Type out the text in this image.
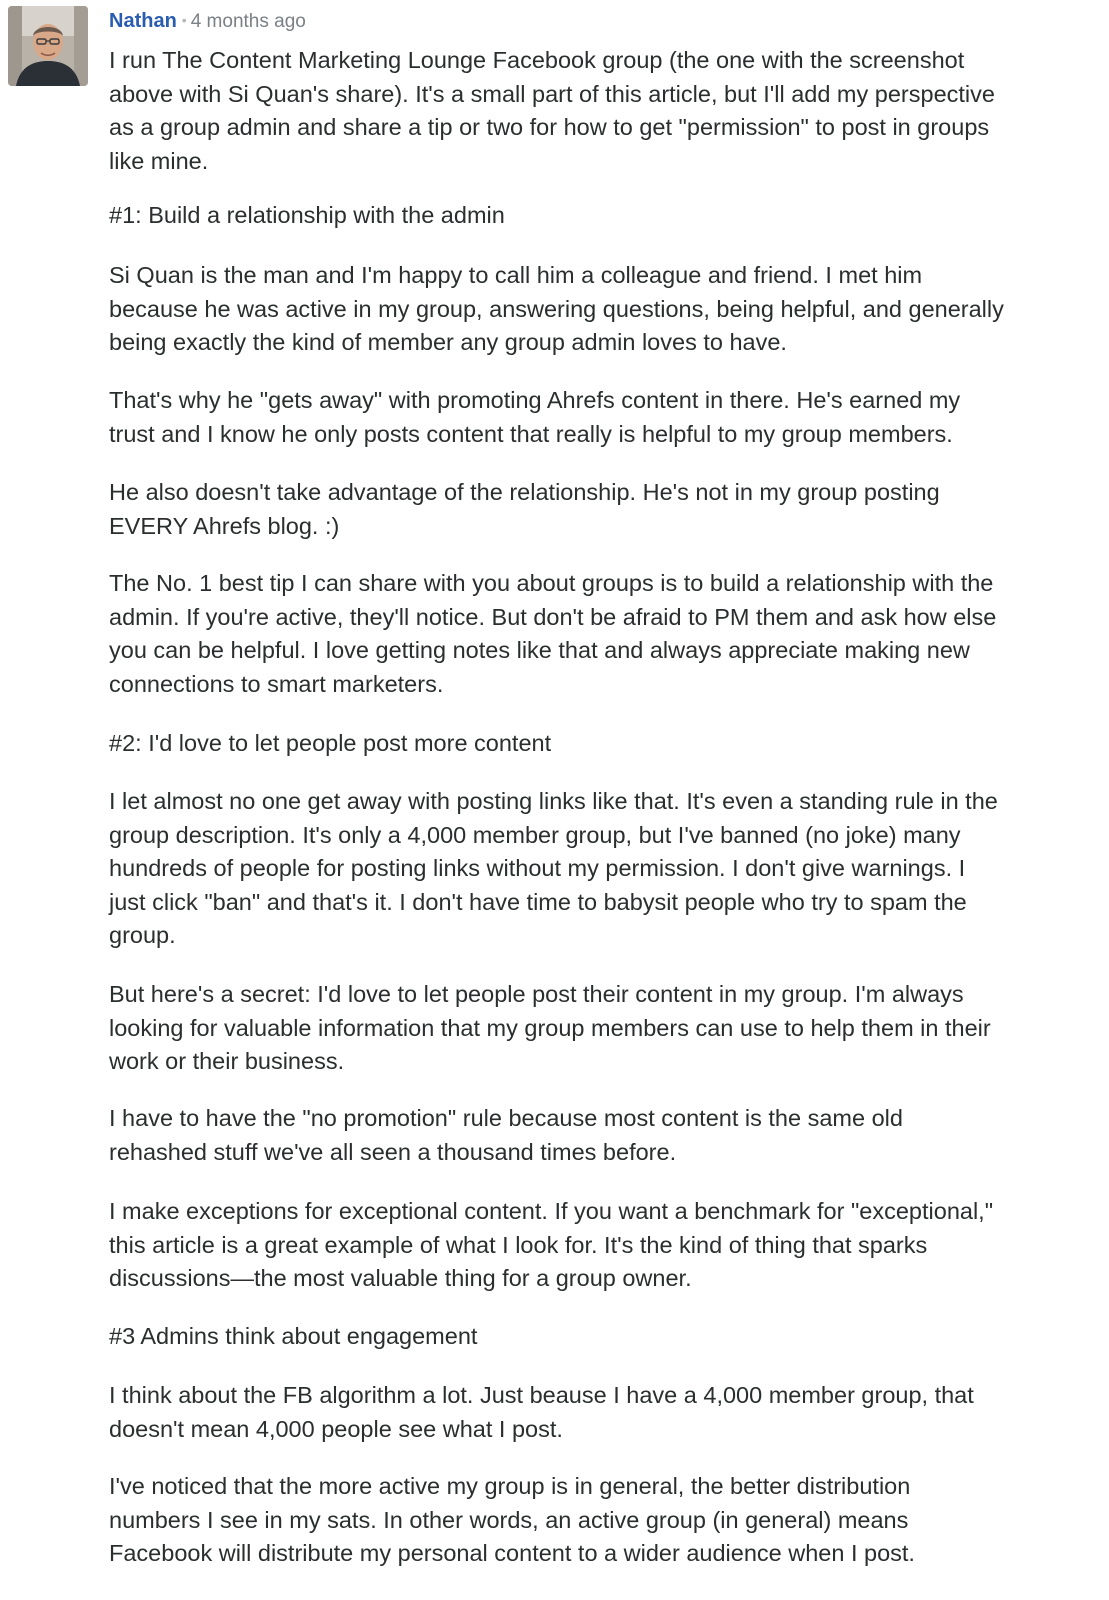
Nathan • 4 months ago

I run The Content Marketing Lounge Facebook group (the one with the screenshot
above with Si Quan's share). It's a small part of this article, but I'll add my perspective
as a group admin and share a tip or two for how to get "permission" to post in groups
like mine.

#1: Build a relationship with the admin

Si Quan is the man and I'm happy to call him a colleague and friend. I met him
because he was active in my group, answering questions, being helpful, and generally
being exactly the kind of member any group admin loves to have.

That's why he "gets away" with promoting Ahrefs content in there. He's earned my
trust and I know he only posts content that really is helpful to my group members.

He also doesn't take advantage of the relationship. He's not in my group posting
EVERY Ahrefs blog. :)

The No. 1 best tip I can share with you about groups is to build a relationship with the
admin. If you're active, they'll notice. But don't be afraid to PM them and ask how else
you can be helpful. I love getting notes like that and always appreciate making new
connections to smart marketers.

#2: I'd love to let people post more content

I let almost no one get away with posting links like that. It's even a standing rule in the
group description. It's only a 4,000 member group, but I've banned (no joke) many
hundreds of people for posting links without my permission. I don't give warnings. I
just click "ban" and that's it. I don't have time to babysit people who try to spam the
group.

But here's a secret: I'd love to let people post their content in my group. I'm always
looking for valuable information that my group members can use to help them in their
work or their business.

I have to have the "no promotion" rule because most content is the same old
rehashed stuff we've all seen a thousand times before.

I make exceptions for exceptional content. If you want a benchmark for "exceptional,"
this article is a great example of what I look for. It's the kind of thing that sparks
discussions—the most valuable thing for a group owner.

#3 Admins think about engagement

I think about the FB algorithm a lot. Just beause I have a 4,000 member group, that
doesn't mean 4,000 people see what I post.

I've noticed that the more active my group is in general, the better distribution
numbers I see in my sats. In other words, an active group (in general) means
Facebook will distribute my personal content to a wider audience when I post.
